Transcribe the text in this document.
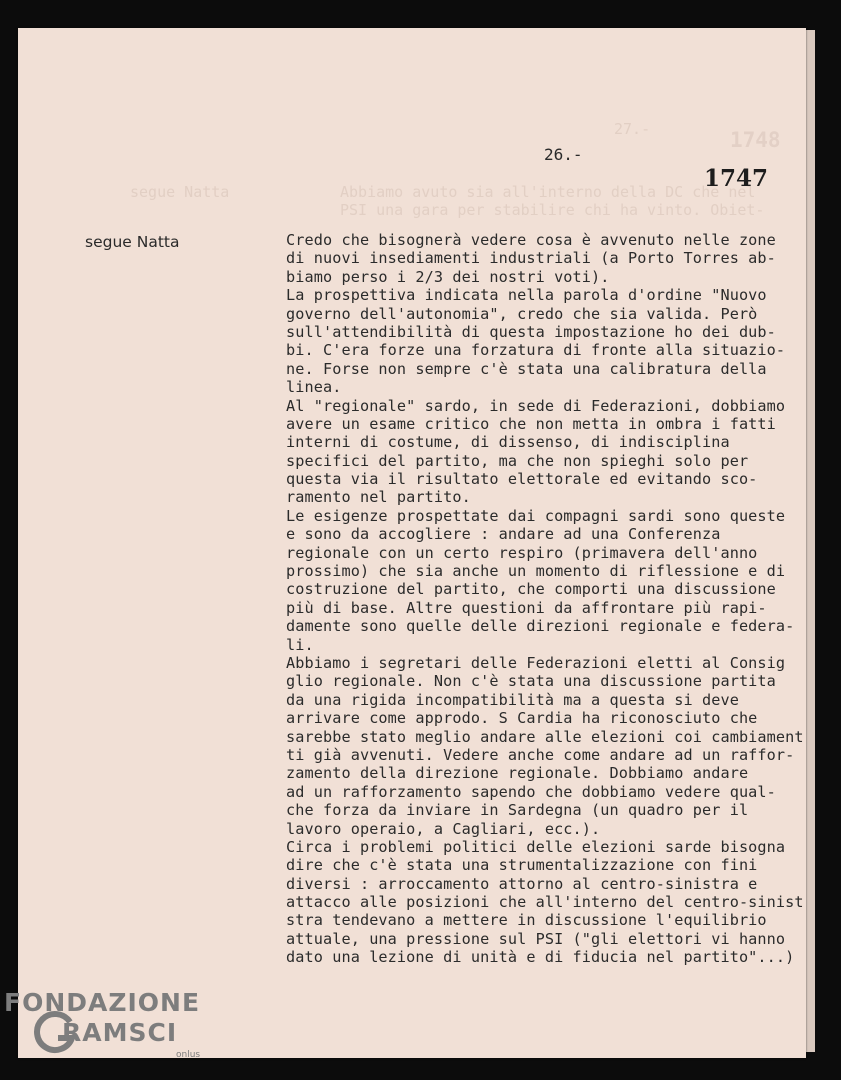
27.-	1748
segue Natta	Abbiamo avuto sia all'interno della DC che nel
PSI una gara per stabilire chi ha vinto. Obiet-
26.-
1747
segue Natta	Credo che bisognerà vedere cosa è avvenuto nelle zone
di nuovi insediamenti industriali (a Porto Torres ab-
biamo perso i 2/3 dei nostri voti).
La prospettiva indicata nella parola d'ordine "Nuovo
governo dell'autonomia", credo che sia valida. Però
sull'attendibilità di questa impostazione ho dei dub-
bi. C'era forze una forzatura di fronte alla situazio-
ne. Forse non sempre c'è stata una calibratura della
linea.
Al "regionale" sardo, in sede di Federazioni, dobbiamo
avere un esame critico che non metta in ombra i fatti
interni di costume, di dissenso, di indisciplina
specifici del partito, ma che non spieghi solo per
questa via il risultato elettorale ed evitando sco-
ramento nel partito.
Le esigenze prospettate dai compagni sardi sono queste
e sono da accogliere : andare ad una Conferenza
regionale con un certo respiro (primavera dell'anno
prossimo) che sia anche un momento di riflessione e di
costruzione del partito, che comporti una discussione
più di base. Altre questioni da affrontare più rapi-
damente sono quelle delle direzioni regionale e federa-
li.
Abbiamo i segretari delle Federazioni eletti al Consig
glio regionale. Non c'è stata una discussione partita
da una rigida incompatibilità ma a questa si deve
arrivare come approdo. S Cardia ha riconosciuto che
sarebbe stato meglio andare alle elezioni coi cambiament
ti già avvenuti. Vedere anche come andare ad un raffor-
zamento della direzione regionale. Dobbiamo andare
ad un rafforzamento sapendo che dobbiamo vedere qual-
che forza da inviare in Sardegna (un quadro per il
lavoro operaio, a Cagliari, ecc.).
Circa i problemi politici delle elezioni sarde bisogna
dire che c'è stata una strumentalizzazione con fini
diversi : arroccamento attorno al centro-sinistra e
attacco alle posizioni che all'interno del centro-sinist
stra tendevano a mettere in discussione l'equilibrio
attuale, una pressione sul PSI ("gli elettori vi hanno
dato una lezione di unità e di fiducia nel partito"...)
FONDAZIONE
RAMSCI
onlus
